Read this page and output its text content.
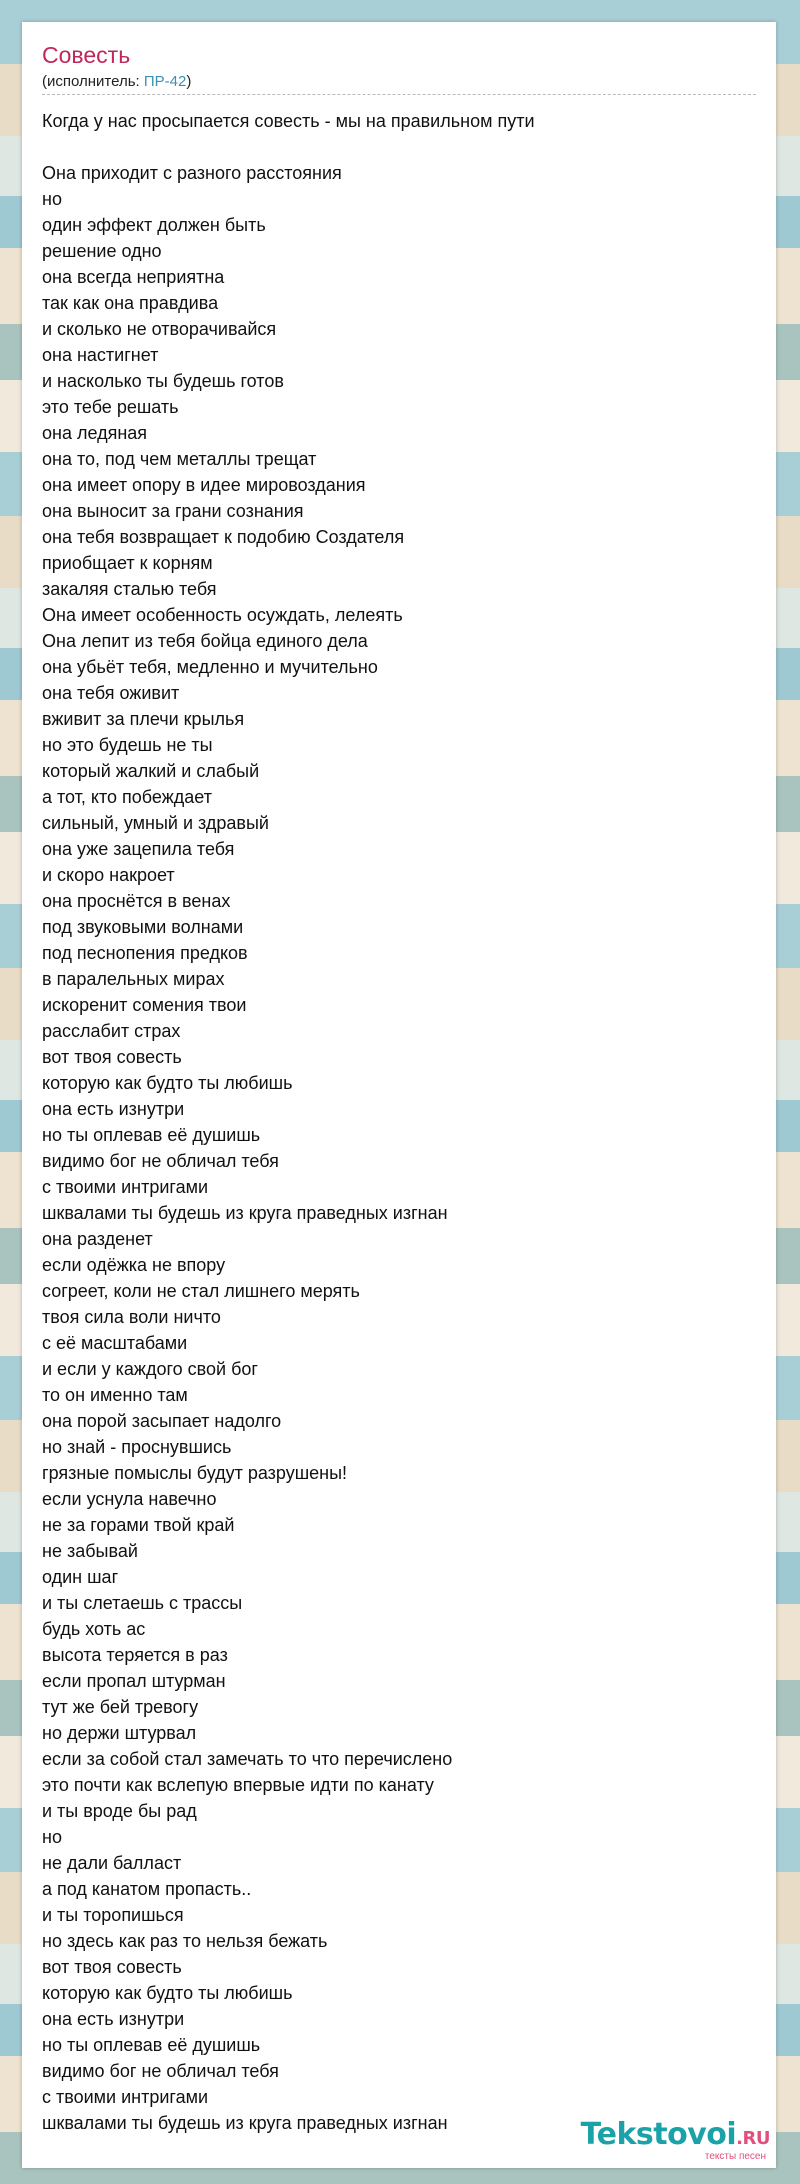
Совесть
(исполнитель: ПР-42)
Когда у нас просыпается совесть - мы на правильном пути
Она приходит с разного расстояния
но
один эффект должен быть
решение одно
она всегда неприятна
так как она правдива
и сколько не отворачивайся
она настигнет
и насколько ты будешь готов
это тебе решать
она ледяная
она то, под чем металлы трещат
она имеет опору в идее мировоздания
она выносит за грани сознания
она тебя возвращает к подобию Создателя
приобщает к корням
закаляя сталью тебя
Она имеет особенность осуждать, лелеять
Она лепит из тебя бойца единого дела
она убьёт тебя, медленно и мучительно
она тебя оживит
вживит за плечи крылья
но это будешь не ты
который жалкий и слабый
а тот, кто побеждает
сильный, умный и здравый
она уже зацепила тебя
и скоро накроет
она проснётся в венах
под звуковыми волнами
под песнопения предков
в паралельных мирах
искоренит сомения твои
расслабит страх
вот твоя совесть
которую как будто ты любишь
она есть изнутри
но ты оплевав её душишь
видимо бог не обличал тебя
с твоими интригами
шквалами ты будешь из круга праведных изгнан
она разденет
если одёжка не впору
согреет, коли не стал лишнего мерять
твоя сила воли ничто
с её масштабами
и если у каждого свой бог
то он именно там
она порой засыпает надолго
но знай - проснувшись
грязные помыслы будут разрушены!
если уснула навечно
не за горами твой край
не забывай
один шаг
и ты слетаешь с трассы
будь хоть ас
высота теряется в раз
если пропал штурман
тут же бей тревогу
но держи штурвал
если за собой стал замечать то что перечислено
это почти как вслепую впервые идти по канату
и ты вроде бы рад
но
не дали балласт
а под канатом пропасть..
и ты торопишься
но здесь как раз то нельзя бежать
вот твоя совесть
которую как будто ты любишь
она есть изнутри
но ты оплевав её душишь
видимо бог не обличал тебя
с твоими интригами
шквалами ты будешь из круга праведных изгнан	Tekstovoi.RU
тексты песен
